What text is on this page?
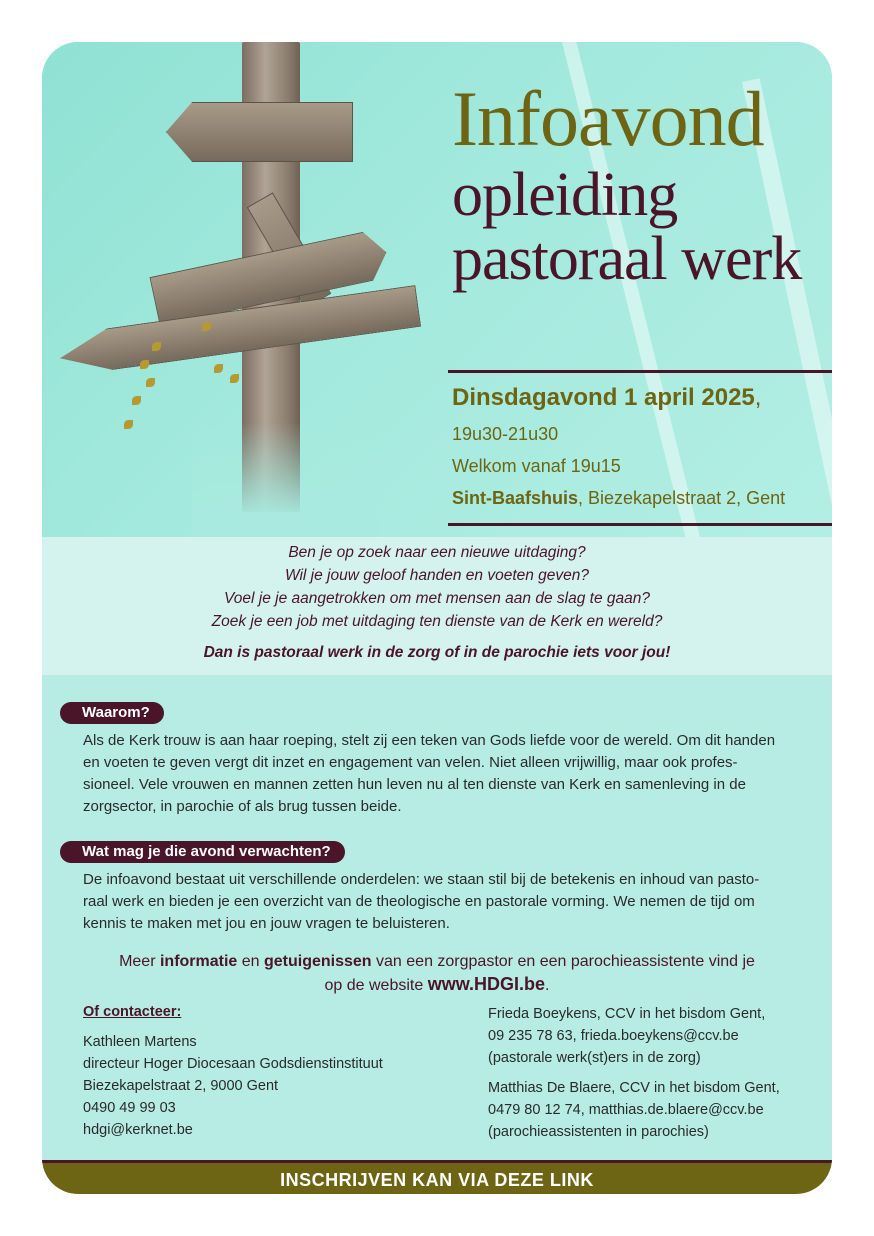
Infoavond
opleiding
pastoraal werk
Dinsdagavond 1 april 2025,
19u30-21u30
Welkom vanaf 19u15
Sint-Baafshuis, Biezekapelstraat 2, Gent
Ben je op zoek naar een nieuwe uitdaging?
Wil je jouw geloof handen en voeten geven?
Voel je je aangetrokken om met mensen aan de slag te gaan?
Zoek je een job met uitdaging ten dienste van de Kerk en wereld?
Dan is pastoraal werk in de zorg of in de parochie iets voor jou!
Waarom?
Als de Kerk trouw is aan haar roeping, stelt zij een teken van Gods liefde voor de wereld. Om dit handen
en voeten te geven vergt dit inzet en engagement van velen. Niet alleen vrijwillig, maar ook profes-
sioneel. Vele vrouwen en mannen zetten hun leven nu al ten dienste van Kerk en samenleving in de
zorgsector, in parochie of als brug tussen beide.
Wat mag je die avond verwachten?
De infoavond bestaat uit verschillende onderdelen: we staan stil bij de betekenis en inhoud van pasto-
raal werk en bieden je een overzicht van de theologische en pastorale vorming. We nemen de tijd om
kennis te maken met jou en jouw vragen te beluisteren.
Meer informatie en getuigenissen van een zorgpastor en een parochieassistente vind je
op de website www.HDGI.be.
Of contacteer:
Kathleen Martens
directeur Hoger Diocesaan Godsdienstinstituut
Biezekapelstraat 2, 9000 Gent
0490 49 99 03
hdgi@kerknet.be
Frieda Boeykens, CCV in het bisdom Gent,
09 235 78 63, frieda.boeykens@ccv.be
(pastorale werk(st)ers in de zorg)
Matthias De Blaere, CCV in het bisdom Gent,
0479 80 12 74, matthias.de.blaere@ccv.be
(parochieassistenten in parochies)
INSCHRIJVEN KAN VIA DEZE LINK
